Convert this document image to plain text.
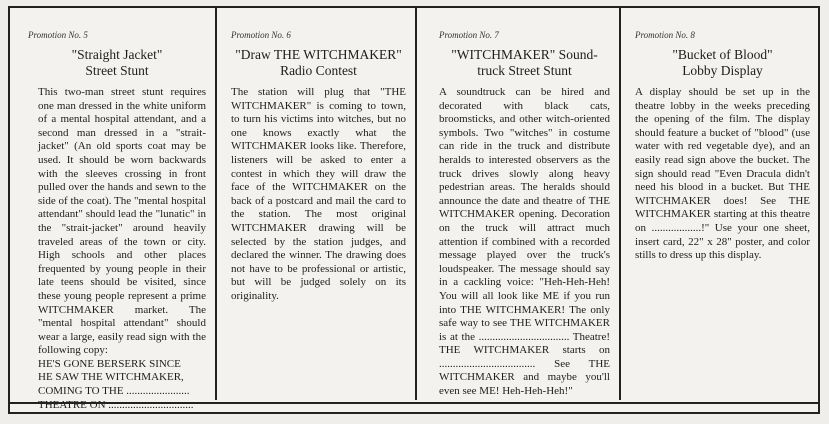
Promotion No. 5

"Straight Jacket"
Street Stunt

This two-man street stunt requires one man dressed in the white uniform of a mental hospital attendant, and a second man dressed in a "strait-jacket" (An old sports coat may be used. It should be worn backwards with the sleeves crossing in front pulled over the hands and sewn to the side of the coat). The "mental hospital attendant" should lead the "lunatic" in the "strait-jacket" around heavily traveled areas of the town or city. High schools and other places frequented by young people in their late teens should be visited, since these young people represent a prime WITCHMAKER market. The "mental hospital attendant" should wear a large, easily read sign with the following copy:

HE'S GONE BERSERK SINCE
HE SAW THE WITCHMAKER,
COMING TO THE .......................
THEATRE ON ...............................

Promotion No. 6

"Draw THE WITCHMAKER"
Radio Contest

The station will plug that "THE WITCHMAKER" is coming to town, to turn his victims into witches, but no one knows exactly what the WITCHMAKER looks like. Therefore, listeners will be asked to enter a contest in which they will draw the face of the WITCHMAKER on the back of a postcard and mail the card to the station. The most original WITCHMAKER drawing will be selected by the station judges, and declared the winner. The drawing does not have to be professional or artistic, but will be judged solely on its originality.

Promotion No. 7

"WITCHMAKER" Sound-
truck Street Stunt

A soundtruck can be hired and decorated with black cats, broomsticks, and other witch-oriented symbols. Two "witches" in costume can ride in the truck and distribute heralds to interested observers as the truck drives slowly along heavy pedestrian areas. The heralds should announce the date and theatre of THE WITCHMAKER opening. Decoration on the truck will attract much attention if combined with a recorded message played over the truck's loudspeaker. The message should say in a cackling voice: "Heh-Heh-Heh! You will all look like ME if you run into THE WITCHMAKER! The only safe way to see THE WITCHMAKER is at the ................................. Theatre! THE WITCHMAKER starts on ................................... See THE WITCHMAKER and maybe you'll even see ME! Heh-Heh-Heh!"

Promotion No. 8

"Bucket of Blood"
Lobby Display

A display should be set up in the theatre lobby in the weeks preceding the opening of the film. The display should feature a bucket of "blood" (use water with red vegetable dye), and an easily read sign above the bucket. The sign should read "Even Dracula didn't need his blood in a bucket. But THE WITCHMAKER does! See THE WITCHMAKER starting at this theatre on ..................!" Use your one sheet, insert card, 22" x 28" poster, and color stills to dress up this display.
